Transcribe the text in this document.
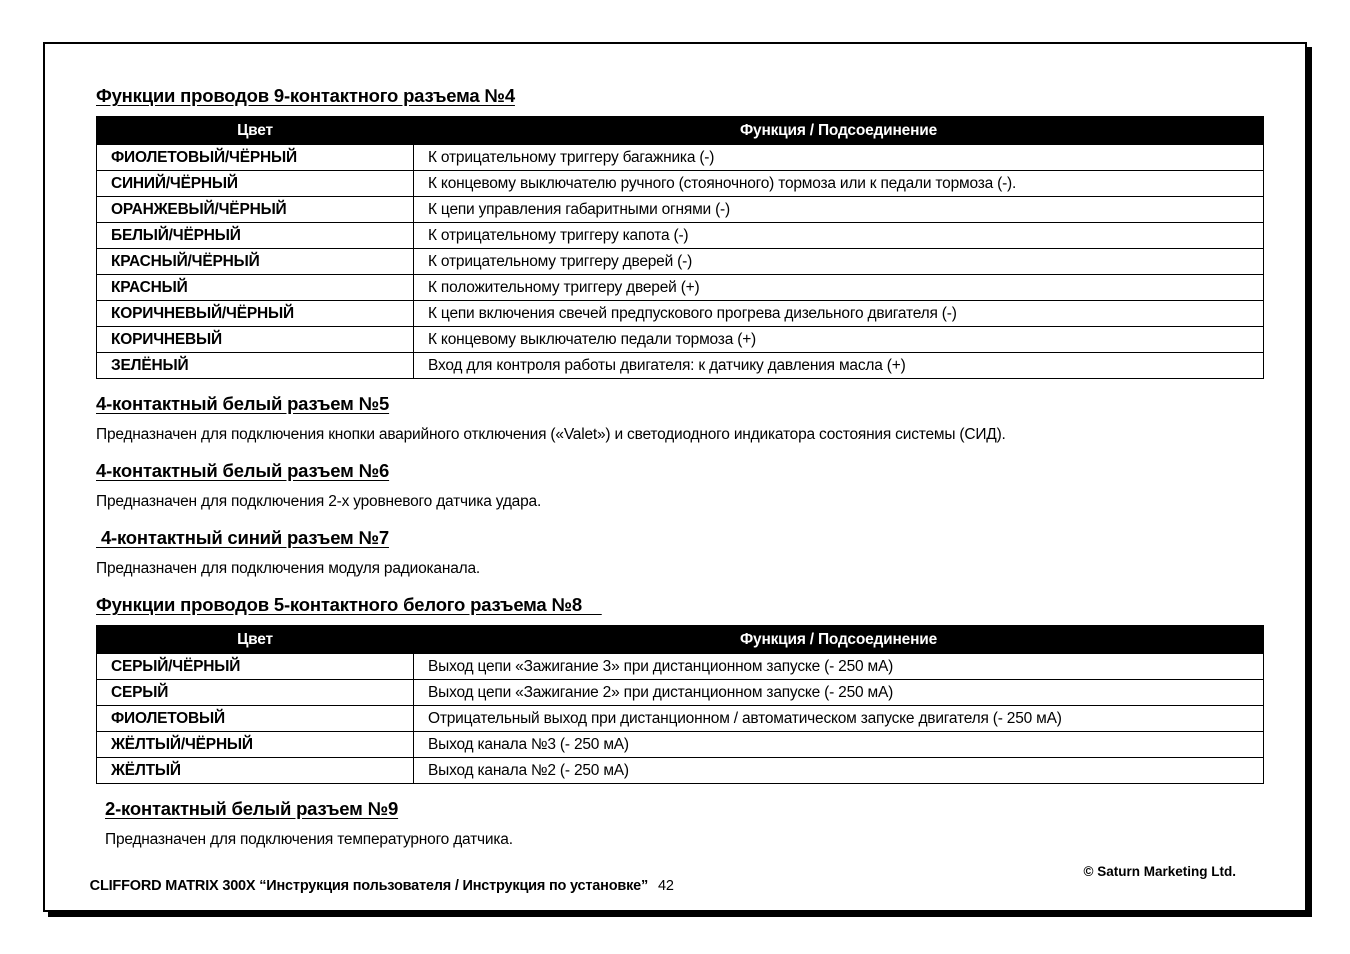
Функции проводов 9-контактного разъема №4
Цвет	Функция / Подсоединение
ФИОЛЕТОВЫЙ/ЧЁРНЫЙ	К отрицательному триггеру багажника (-)
СИНИЙ/ЧЁРНЫЙ	К концевому выключателю ручного (стояночного) тормоза или к педали тормоза (-).
ОРАНЖЕВЫЙ/ЧЁРНЫЙ	К цепи управления габаритными огнями (-)
БЕЛЫЙ/ЧЁРНЫЙ	К отрицательному триггеру капота (-)
КРАСНЫЙ/ЧЁРНЫЙ	К отрицательному триггеру дверей (-)
КРАСНЫЙ	К положительному триггеру дверей (+)
КОРИЧНЕВЫЙ/ЧЁРНЫЙ	К цепи включения свечей предпускового прогрева дизельного двигателя (-)
КОРИЧНЕВЫЙ	К концевому выключателю педали тормоза (+)
ЗЕЛЁНЫЙ	Вход для контроля работы двигателя: к датчику давления масла (+)
4-контактный белый разъем №5
Предназначен для подключения кнопки аварийного отключения («Valet») и светодиодного индикатора состояния системы (СИД).
4-контактный белый разъем №6
Предназначен для подключения 2-х уровневого датчика удара.
4-контактный синий разъем №7
Предназначен для подключения модуля радиоканала.
Функции проводов 5-контактного белого разъема №8
Цвет	Функция / Подсоединение
СЕРЫЙ/ЧЁРНЫЙ	Выход цепи «Зажигание 3» при дистанционном запуске (- 250 мА)
СЕРЫЙ	Выход цепи «Зажигание 2» при дистанционном запуске (- 250 мА)
ФИОЛЕТОВЫЙ	Отрицательный выход при дистанционном / автоматическом запуске двигателя (- 250 мА)
ЖЁЛТЫЙ/ЧЁРНЫЙ	Выход канала №3 (- 250 мА)
ЖЁЛТЫЙ	Выход канала №2 (- 250 мА)
2-контактный белый разъем №9
Предназначен для подключения температурного датчика.

CLIFFORD MATRIX 300X “Инструкция пользователя / Инструкция по установке” 42

© Saturn Marketing Ltd.
